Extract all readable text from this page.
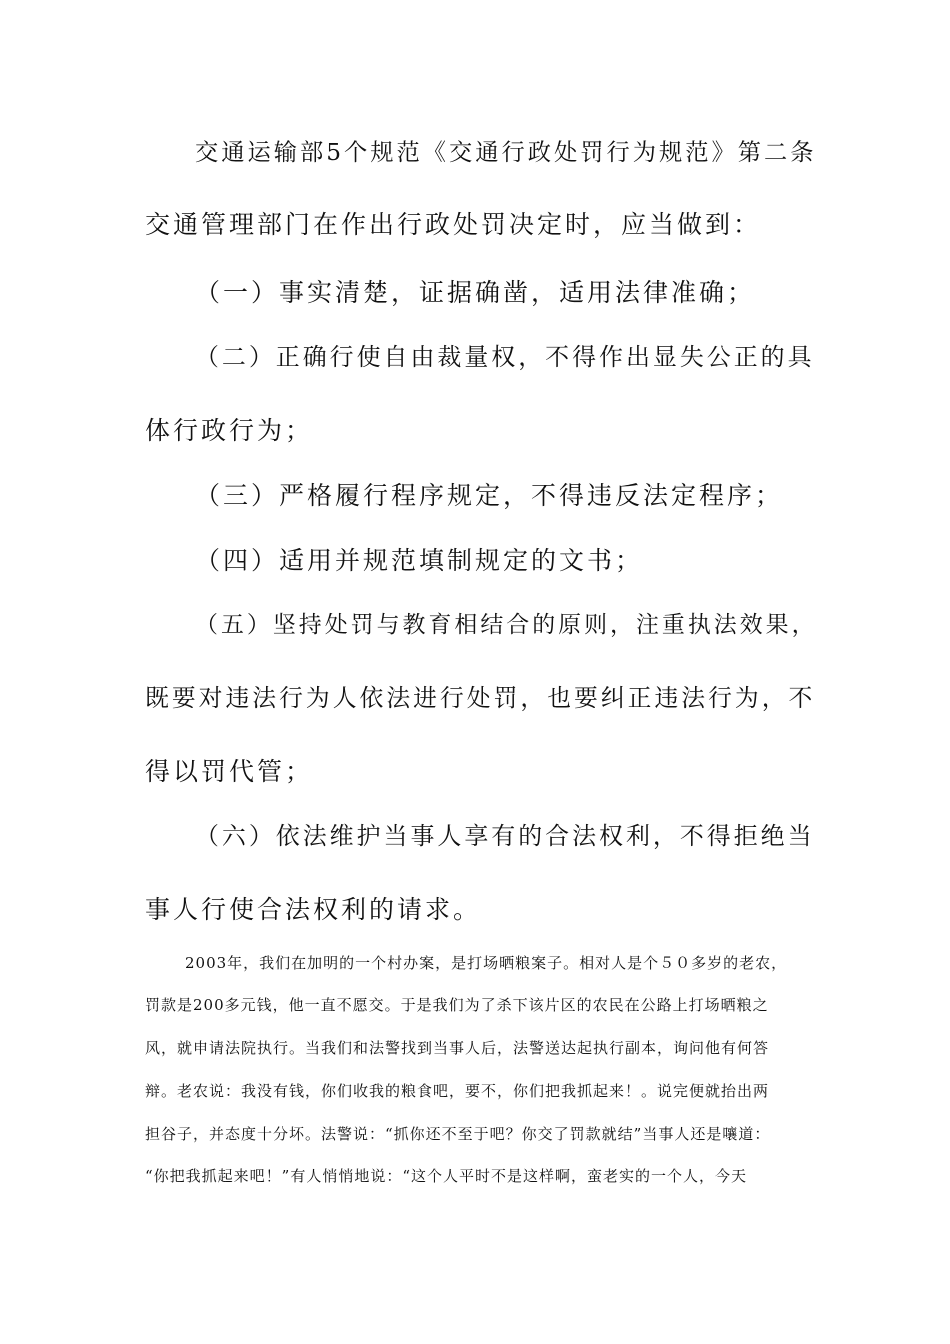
交通运输部5个规范《交通行政处罚行为规范》第二条
交通管理部门在作出行政处罚决定时，应当做到：
（一）事实清楚，证据确凿，适用法律准确；
（二）正确行使自由裁量权，不得作出显失公正的具
体行政行为；
（三）严格履行程序规定，不得违反法定程序；
（四）适用并规范填制规定的文书；
（五）坚持处罚与教育相结合的原则，注重执法效果，
既要对违法行为人依法进行处罚，也要纠正违法行为，不
得以罚代管；
（六）依法维护当事人享有的合法权利，不得拒绝当
事人行使合法权利的请求。
2003年，我们在加明的一个村办案，是打场晒粮案子。相对人是个５０多岁的老农，
罚款是200多元钱，他一直不愿交。于是我们为了杀下该片区的农民在公路上打场晒粮之
风，就申请法院执行。当我们和法警找到当事人后，法警送达起执行副本，询问他有何答
辩。老农说：我没有钱，你们收我的粮食吧，要不，你们把我抓起来！。说完便就抬出两
担谷子，并态度十分坏。法警说：“抓你还不至于吧？你交了罚款就结”当事人还是嚷道：
“你把我抓起来吧！”有人悄悄地说：“这个人平时不是这样啊，蛮老实的一个人，今天
